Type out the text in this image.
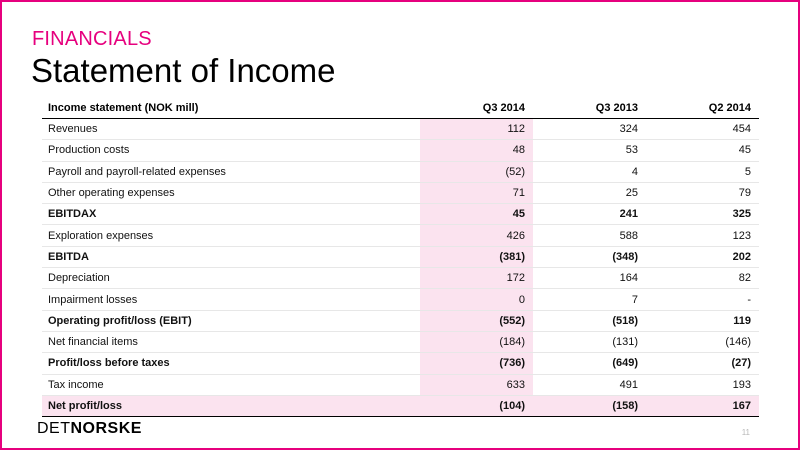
FINANCIALS
Statement of Income
Income statement (NOK mill)	Q3 2014	Q3 2013	Q2 2014
Revenues	112	324	454
Production costs	48	53	45
Payroll and payroll-related expenses	(52)	4	5
Other operating expenses	71	25	79
EBITDAX	45	241	325
Exploration expenses	426	588	123
EBITDA	(381)	(348)	202
Depreciation	172	164	82
Impairment losses	0	7	-
Operating profit/loss (EBIT)	(552)	(518)	119
Net financial items	(184)	(131)	(146)
Profit/loss before taxes	(736)	(649)	(27)
Tax income	633	491	193
Net profit/loss	(104)	(158)	167
DETNORSKE	11
